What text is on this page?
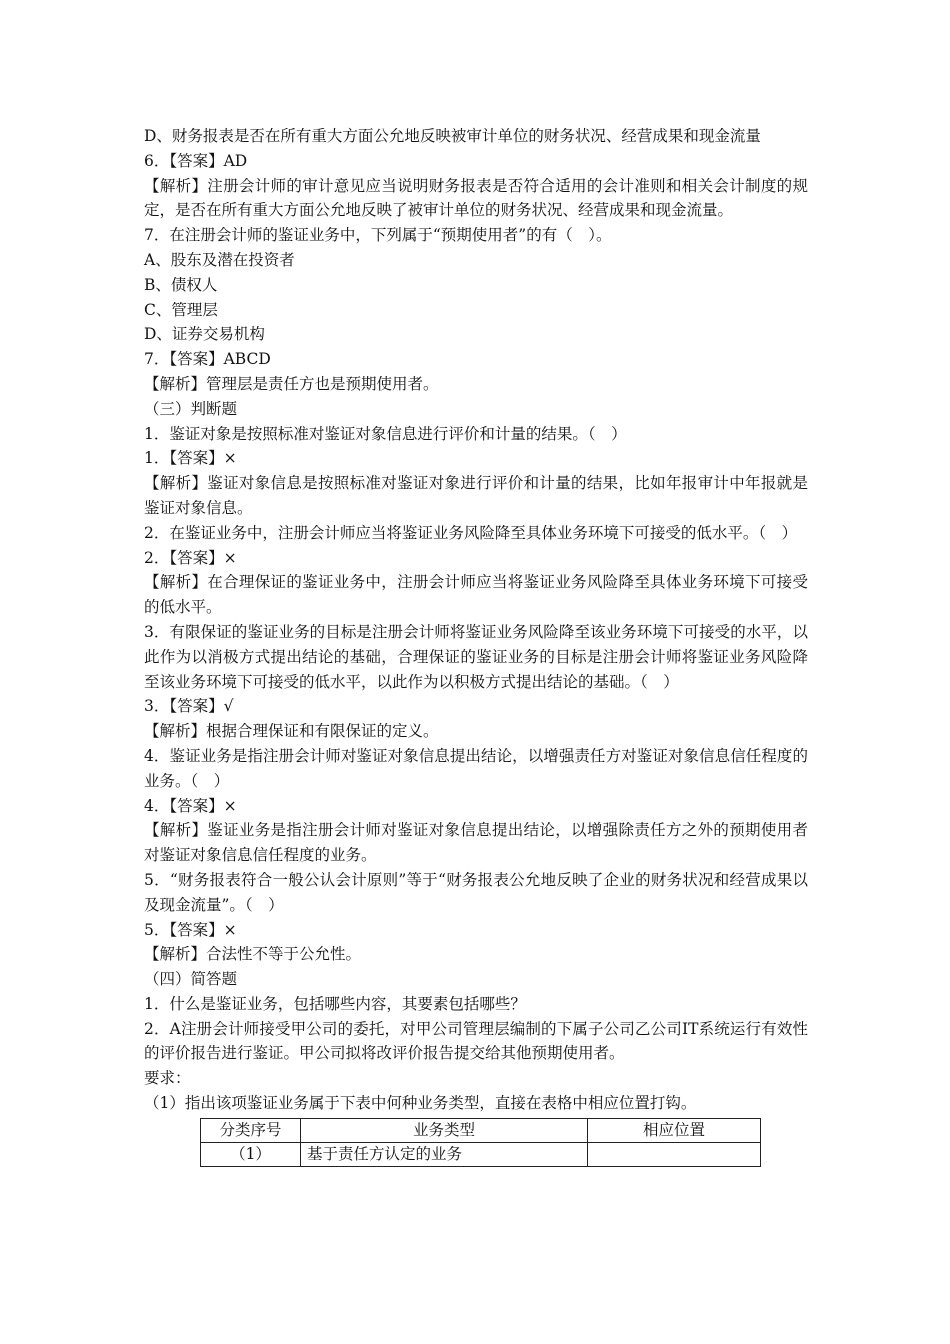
D、财务报表是否在所有重大方面公允地反映被审计单位的财务状况、经营成果和现金流量

6．【答案】AD

【解析】注册会计师的审计意见应当说明财务报表是否符合适用的会计准则和相关会计制度的规定，是否在所有重大方面公允地反映了被审计单位的财务状况、经营成果和现金流量。

7．在注册会计师的鉴证业务中，下列属于“预期使用者”的有（　）。

A、股东及潜在投资者

B、债权人

C、管理层

D、证券交易机构

7．【答案】ABCD

【解析】管理层是责任方也是预期使用者。

（三）判断题

1．鉴证对象是按照标准对鉴证对象信息进行评价和计量的结果。（　）

1．【答案】×

【解析】鉴证对象信息是按照标准对鉴证对象进行评价和计量的结果，比如年报审计中年报就是鉴证对象信息。

2．在鉴证业务中，注册会计师应当将鉴证业务风险降至具体业务环境下可接受的低水平。（　）

2．【答案】×

【解析】在合理保证的鉴证业务中，注册会计师应当将鉴证业务风险降至具体业务环境下可接受的低水平。

3．有限保证的鉴证业务的目标是注册会计师将鉴证业务风险降至该业务环境下可接受的水平，以此作为以消极方式提出结论的基础，合理保证的鉴证业务的目标是注册会计师将鉴证业务风险降至该业务环境下可接受的低水平，以此作为以积极方式提出结论的基础。（　）

3．【答案】√

【解析】根据合理保证和有限保证的定义。

4．鉴证业务是指注册会计师对鉴证对象信息提出结论，以增强责任方对鉴证对象信息信任程度的业务。（　）

4．【答案】×

【解析】鉴证业务是指注册会计师对鉴证对象信息提出结论，以增强除责任方之外的预期使用者对鉴证对象信息信任程度的业务。

5．“财务报表符合一般公认会计原则”等于“财务报表公允地反映了企业的财务状况和经营成果以及现金流量”。（　）

5．【答案】×

【解析】合法性不等于公允性。

（四）简答题

1．什么是鉴证业务，包括哪些内容，其要素包括哪些？

2．A注册会计师接受甲公司的委托，对甲公司管理层编制的下属子公司乙公司IT系统运行有效性的评价报告进行鉴证。甲公司拟将改评价报告提交给其他预期使用者。

要求：

（1）指出该项鉴证业务属于下表中何种业务类型，直接在表格中相应位置打钩。

分类序号	业务类型	相应位置
（1）	基于责任方认定的业务	
